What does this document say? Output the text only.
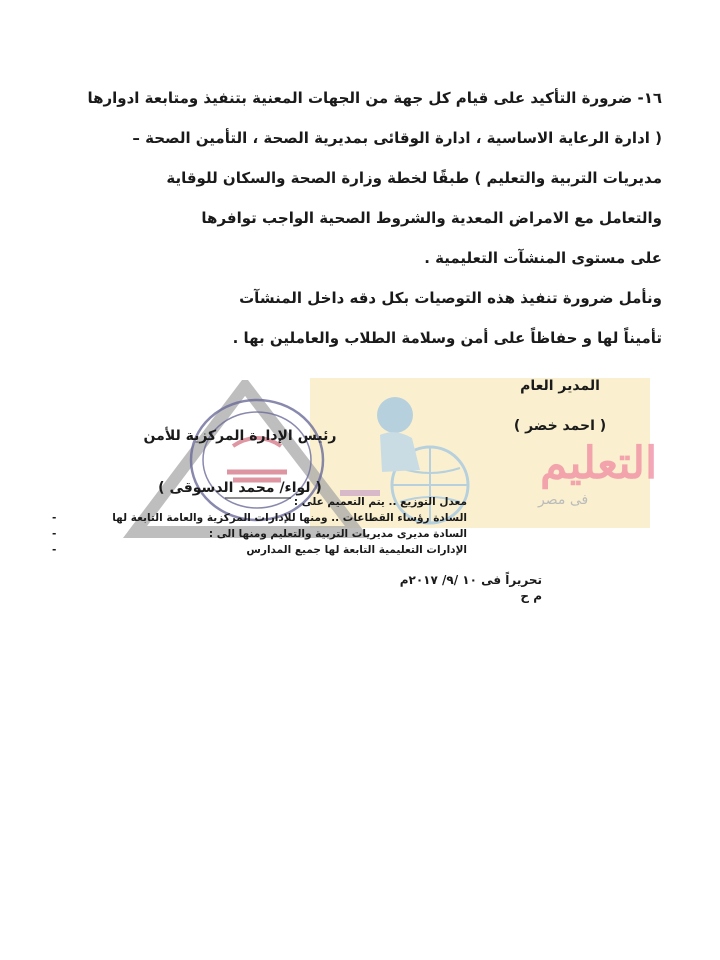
١٦- ضرورة التأكيد على قيام كل جهة من الجهات المعنية بتنفيذ ومتابعة ادوارها
( ادارة الرعاية الاساسية ، ادارة الوقائى بمديرية الصحة ، التأمين الصحة –
مديريات التربية والتعليم ) طبقًا لخطة وزارة الصحة والسكان للوقاية
والتعامل مع الامراض المعدية والشروط الصحية الواجب توافرها
على مستوى المنشآت التعليمية .
ونأمل ضرورة تنفيذ هذه التوصيات بكل دقه داخل المنشآت
تأميناً لها و حفاظاً على أمن وسلامة الطلاب والعاملين بها .
التعليم
فى مصر
المدير العام
( احمد خضر )
رئيس الإدارة المركزية للأمن
( لواء/ محمد الدسوقى )
معدل التوزيع .. يتم التعميم على :
السادة رؤساء القطاعات .. ومنها للإدارات المركزية والعامة التابعة لها
-
السادة مديرى مديريات التربية والتعليم ومنها الى :
-
الإدارات التعليمية التابعة لها جميع المدارس
-
تحريراً فى ١٠ /٩/ ٢٠١٧م
م ح
